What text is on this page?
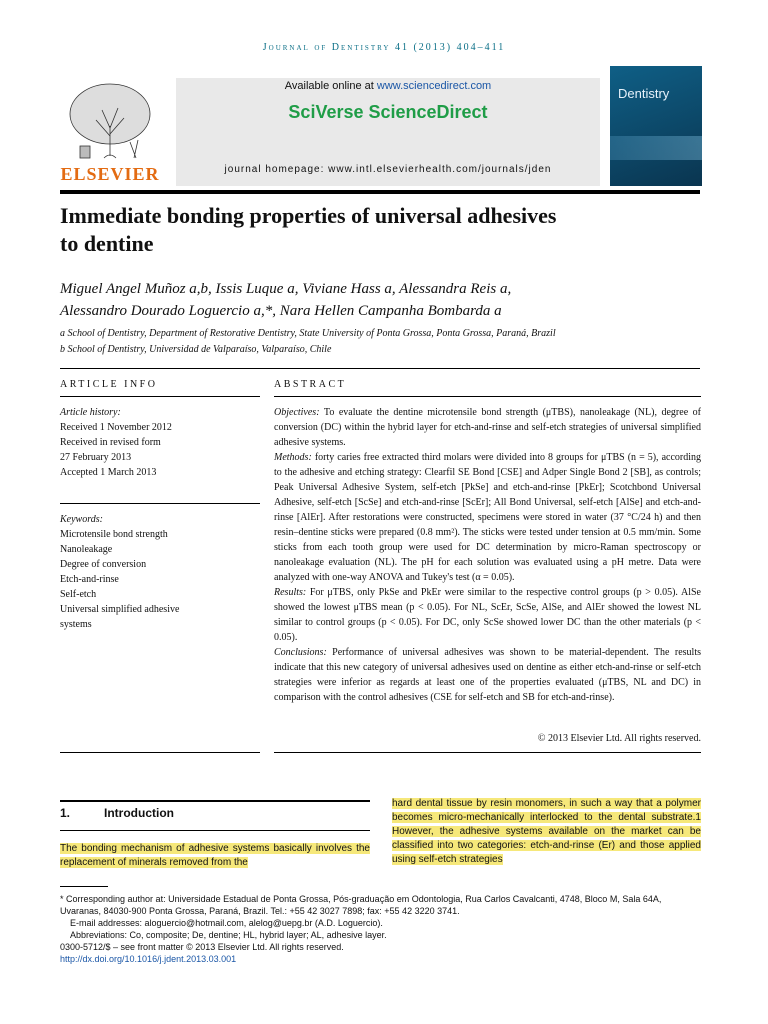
Journal of Dentistry 41 (2013) 404–411
ELSEVIER
Available online at www.sciencedirect.com
SciVerse ScienceDirect
journal homepage: www.intl.elsevierhealth.com/journals/jden
Dentistry
Immediate bonding properties of universal adhesives
to dentine
Miguel Angel Muñoz a,b, Issis Luque a, Viviane Hass a, Alessandra Reis a,
Alessandro Dourado Loguercio a,*, Nara Hellen Campanha Bombarda a
a School of Dentistry, Department of Restorative Dentistry, State University of Ponta Grossa, Ponta Grossa, Paraná, Brazil
b School of Dentistry, Universidad de Valparaíso, Valparaíso, Chile
ARTICLE INFO	ABSTRACT
Article history:
Received 1 November 2012
Received in revised form
27 February 2013
Accepted 1 March 2013
Keywords:
Microtensile bond strength
Nanoleakage
Degree of conversion
Etch-and-rinse
Self-etch
Universal simplified adhesive
systems

Objectives: To evaluate the dentine microtensile bond strength (μTBS), nanoleakage (NL), degree of conversion (DC) within the hybrid layer for etch-and-rinse and self-etch strategies of universal simplified adhesive systems.

Methods: forty caries free extracted third molars were divided into 8 groups for μTBS (n = 5), according to the adhesive and etching strategy: Clearfil SE Bond [CSE] and Adper Single Bond 2 [SB], as controls; Peak Universal Adhesive System, self-etch [PkSe] and etch-and-rinse [PkEr]; Scotchbond Universal Adhesive, self-etch [ScSe] and etch-and-rinse [ScEr]; All Bond Universal, self-etch [AlSe] and etch-and-rinse [AlEr]. After restorations were constructed, specimens were stored in water (37 °C/24 h) and then resin–dentine sticks were prepared (0.8 mm²). The sticks were tested under tension at 0.5 mm/min. Some sticks from each tooth group were used for DC determination by micro-Raman spectroscopy or nanoleakage evaluation (NL). The pH for each solution was evaluated using a pH metre. Data were analyzed with one-way ANOVA and Tukey's test (α = 0.05).

Results: For μTBS, only PkSe and PkEr were similar to the respective control groups (p > 0.05). AlSe showed the lowest μTBS mean (p < 0.05). For NL, ScEr, ScSe, AlSe, and AlEr showed the lowest NL similar to control groups (p < 0.05). For DC, only ScSe showed lower DC than the other materials (p < 0.05).

Conclusions: Performance of universal adhesives was shown to be material-dependent. The results indicate that this new category of universal adhesives used on dentine as either etch-and-rinse or self-etch strategies were inferior as regards at least one of the properties evaluated (μTBS, NL and DC) in comparison with the control adhesives (CSE for self-etch and SB for etch-and-rinse).

© 2013 Elsevier Ltd. All rights reserved.
1.	Introduction
The bonding mechanism of adhesive systems basically involves the replacement of minerals removed from the
hard dental tissue by resin monomers, in such a way that a polymer becomes micro-mechanically interlocked to the dental substrate.1 However, the adhesive systems available on the market can be classified into two categories: etch-and-rinse (Er) and those applied using self-etch strategies

* Corresponding author at: Universidade Estadual de Ponta Grossa, Pós-graduação em Odontologia, Rua Carlos Cavalcanti, 4748, Bloco M, Sala 64A, Uvaranas, 84030-900 Ponta Grossa, Paraná, Brazil. Tel.: +55 42 3027 7898; fax: +55 42 3220 3741.

E-mail addresses: aloguercio@hotmail.com, alelog@uepg.br (A.D. Loguercio).

Abbreviations: Co, composite; De, dentine; HL, hybrid layer; AL, adhesive layer.

0300-5712/$ – see front matter © 2013 Elsevier Ltd. All rights reserved.

http://dx.doi.org/10.1016/j.jdent.2013.03.001
